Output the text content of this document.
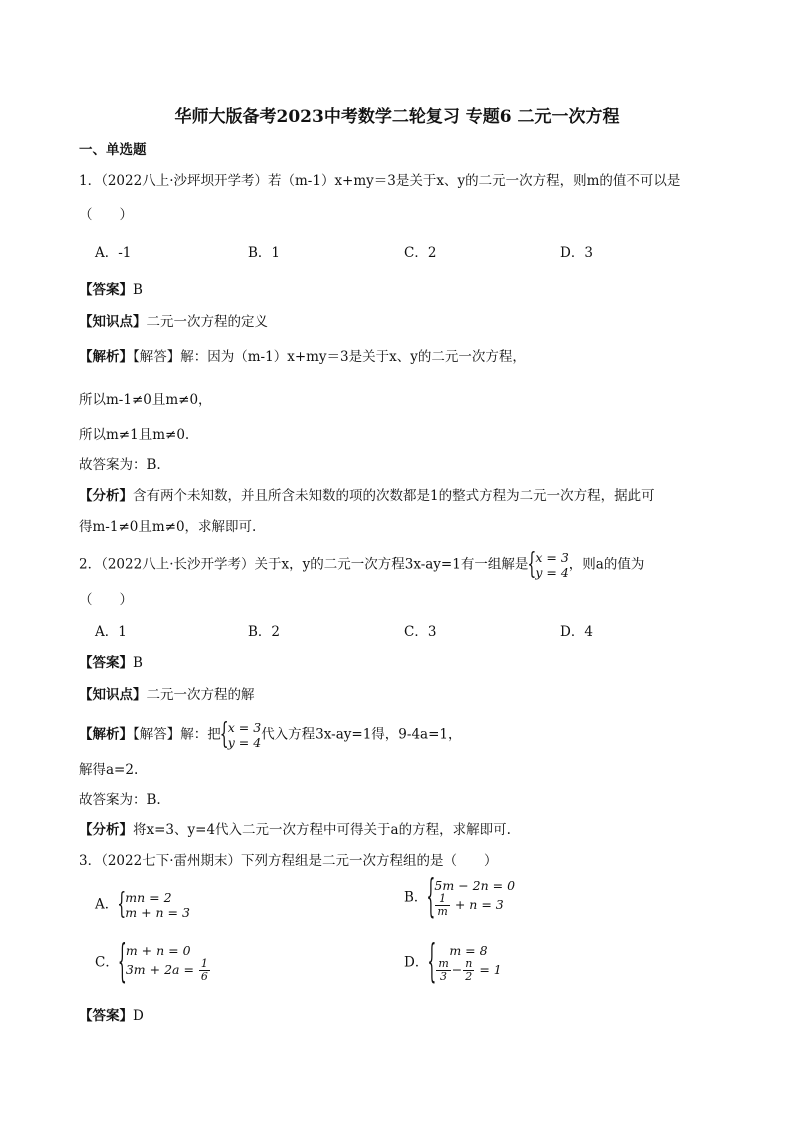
华师大版备考2023中考数学二轮复习 专题6 二元一次方程
一、单选题
1．（2022八上·沙坪坝开学考）若（m-1）x+my＝3是关于x、y的二元一次方程，则m的值不可以是
（　　）
A．-1	B．1	C．2	D．3
【答案】B
【知识点】二元一次方程的定义
【解析】【解答】解：因为（m-1）x+my＝3是关于x、y的二元一次方程，
所以m-1≠0且m≠0，
所以m≠1且m≠0.
故答案为：B.
【分析】含有两个未知数，并且所含未知数的项的次数都是1的整式方程为二元一次方程，据此可
得m-1≠0且m≠0，求解即可.
2．（2022八上·长沙开学考）关于x，y的二元一次方程3x-ay=1有一组解是 { x = 3
y = 4 ，则a的值为
（　　）
A．1	B．2	C．3	D．4
【答案】B
【知识点】二元一次方程的解
【解析】【解答】解：把 { x = 3
y = 4 代入方程3x-ay=1得，9-4a=1，
解得a=2.
故答案为：B.
【分析】将x=3、y=4代入二元一次方程中可得关于a的方程，求解即可.
3．（2022七下·雷州期末）下列方程组是二元一次方程组的是（　　）
A． { mn = 2
m + n = 3
B． { 5m − 2n = 0
$\frac{1}{m} + n = 3$
C． { m + n = 0
$3m + 2a = \frac{1}{6}$	D． {	m = 8
$\frac{m}{3} - \frac{n}{2} = 1$
【答案】D
